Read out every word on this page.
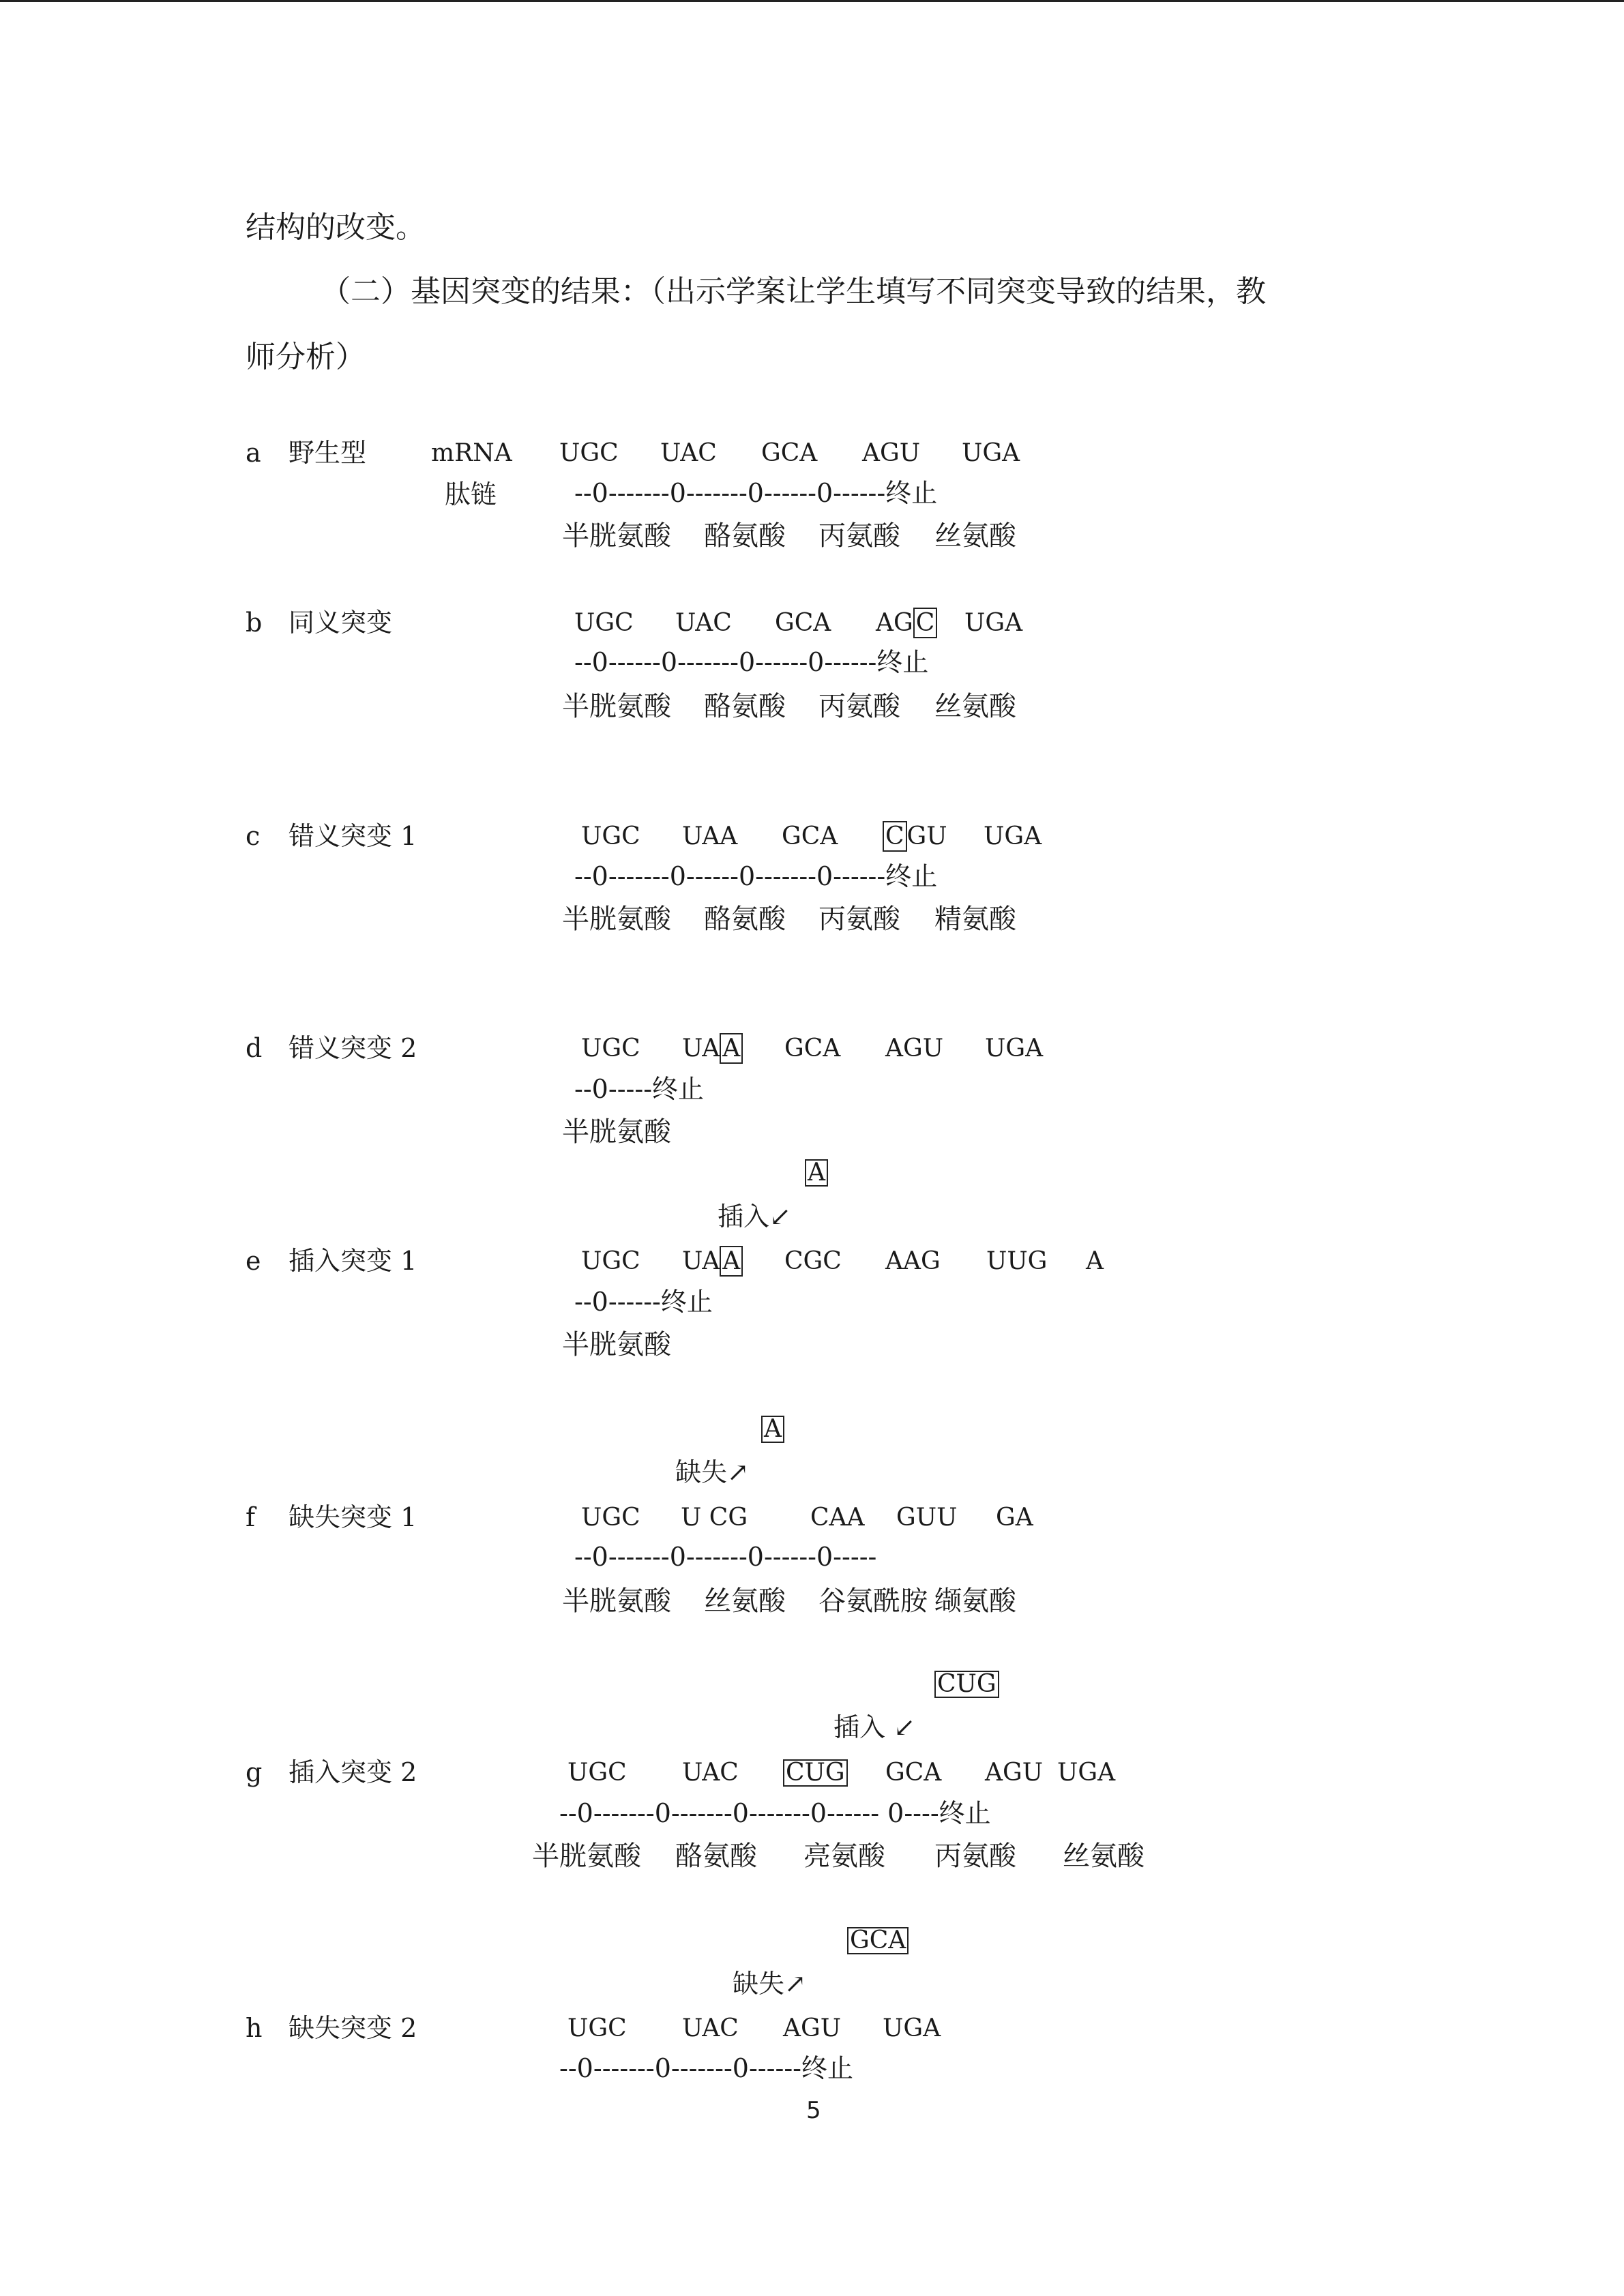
结构的改变。
（二）基因突变的结果：（出示学案让学生填写不同突变导致的结果，教
师分析）
a 野生型	mRNA UGC UAC GCA AGU UGA
肽链	--0-------0-------0------0------终止
半胱氨酸 酪氨酸 丙氨酸 丝氨酸
b 同义突变	UGC UAC GCA AG C UGA
--0------0-------0------0------终止
半胱氨酸 酪氨酸 丙氨酸 丝氨酸
c 错义突变 1	UGC UAA GCA C GU UGA
--0-------0------0-------0------终止
半胱氨酸 酪氨酸 丙氨酸 精氨酸
d 错义突变 2	UGC UA A GCA AGU UGA
--0-----终止
半胱氨酸
A
插入↙
e 插入突变 1	UGC UA A CGC AAG UUG A
--0------终止
半胱氨酸
A
缺失↗
f 缺失突变 1	UGC U CG	CAA GUU GA
--0-------0-------0------0-----
半胱氨酸 丝氨酸 谷氨酰胺 缬氨酸
CUG
插入 ↙
g 插入突变 2	UGC UAC CUG GCA AGU UGA
--0-------0-------0-------0------ 0----终止
半胱氨酸 酪氨酸 亮氨酸 丙氨酸 丝氨酸
GCA
缺失↗
h 缺失突变 2	UGC UAC AGU UGA
--0-------0-------0------终止
5
